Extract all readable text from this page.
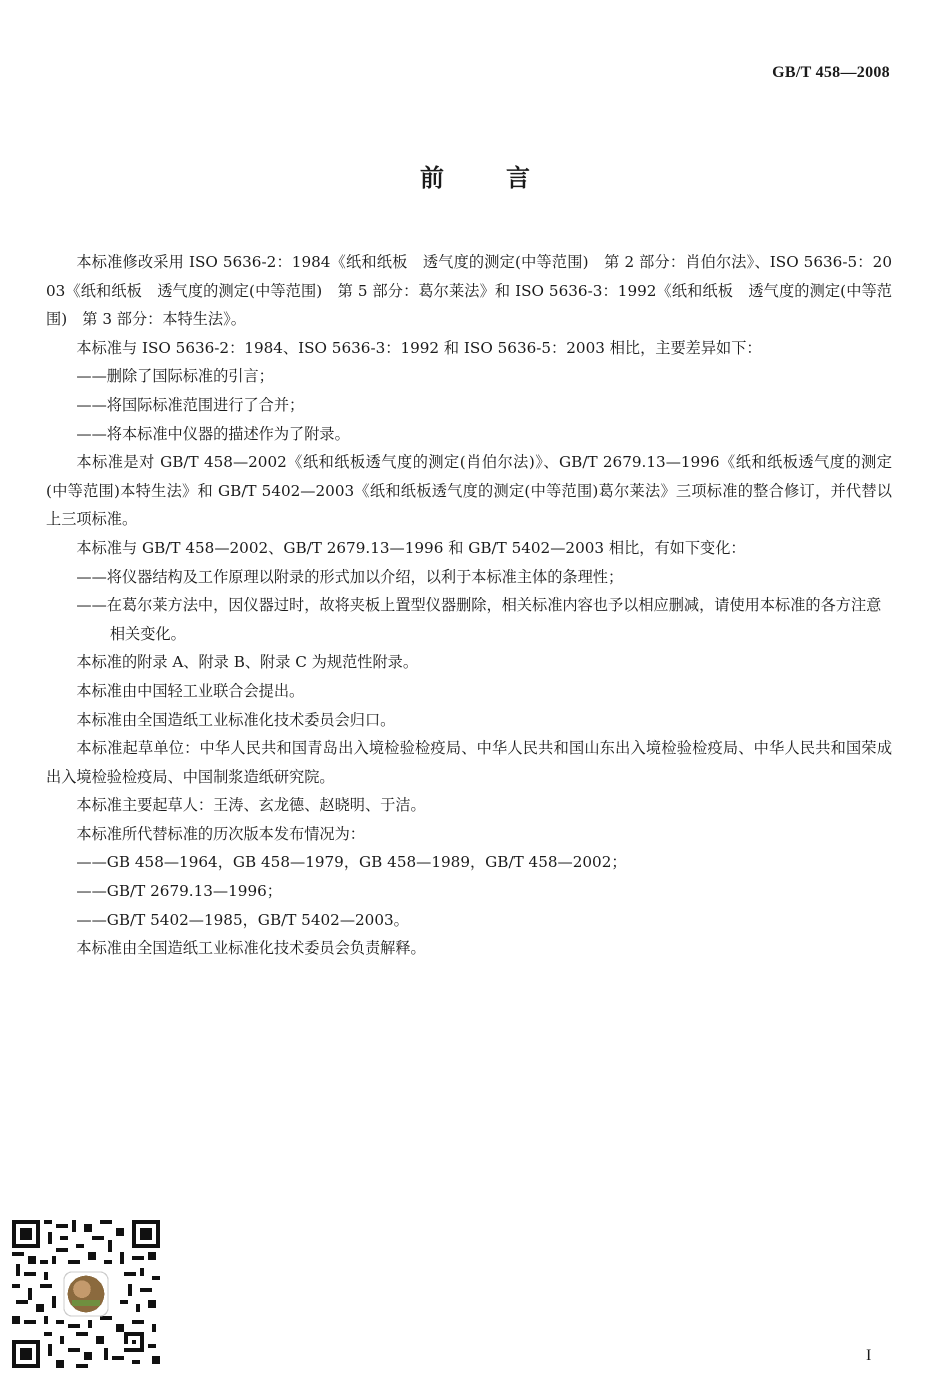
GB/T 458—2008
前言

本标准修改采用 ISO 5636-2：1984《纸和纸板　透气度的测定(中等范围)　第 2 部分：肖伯尔法》、ISO 5636-5：2003《纸和纸板　透气度的测定(中等范围)　第 5 部分：葛尔莱法》和 ISO 5636-3：1992《纸和纸板　透气度的测定(中等范围)　第 3 部分：本特生法》。

本标准与 ISO 5636-2：1984、ISO 5636-3：1992 和 ISO 5636-5：2003 相比，主要差异如下：

——删除了国际标准的引言；

——将国际标准范围进行了合并；

——将本标准中仪器的描述作为了附录。

本标准是对 GB/T 458—2002《纸和纸板透气度的测定(肖伯尔法)》、GB/T 2679.13—1996《纸和纸板透气度的测定(中等范围)本特生法》和 GB/T 5402—2003《纸和纸板透气度的测定(中等范围)葛尔莱法》三项标准的整合修订，并代替以上三项标准。

本标准与 GB/T 458—2002、GB/T 2679.13—1996 和 GB/T 5402—2003 相比，有如下变化：

——将仪器结构及工作原理以附录的形式加以介绍，以利于本标准主体的条理性；

——在葛尔莱方法中，因仪器过时，故将夹板上置型仪器删除，相关标准内容也予以相应删减，请使用本标准的各方注意相关变化。

本标准的附录 A、附录 B、附录 C 为规范性附录。

本标准由中国轻工业联合会提出。

本标准由全国造纸工业标准化技术委员会归口。

本标准起草单位：中华人民共和国青岛出入境检验检疫局、中华人民共和国山东出入境检验检疫局、中华人民共和国荣成出入境检验检疫局、中国制浆造纸研究院。

本标准主要起草人：王涛、玄龙德、赵晓明、于洁。

本标准所代替标准的历次版本发布情况为：

——GB 458—1964，GB 458—1979，GB 458—1989，GB/T 458—2002；

——GB/T 2679.13—1996；

——GB/T 5402—1985，GB/T 5402—2003。

本标准由全国造纸工业标准化技术委员会负责解释。

I
